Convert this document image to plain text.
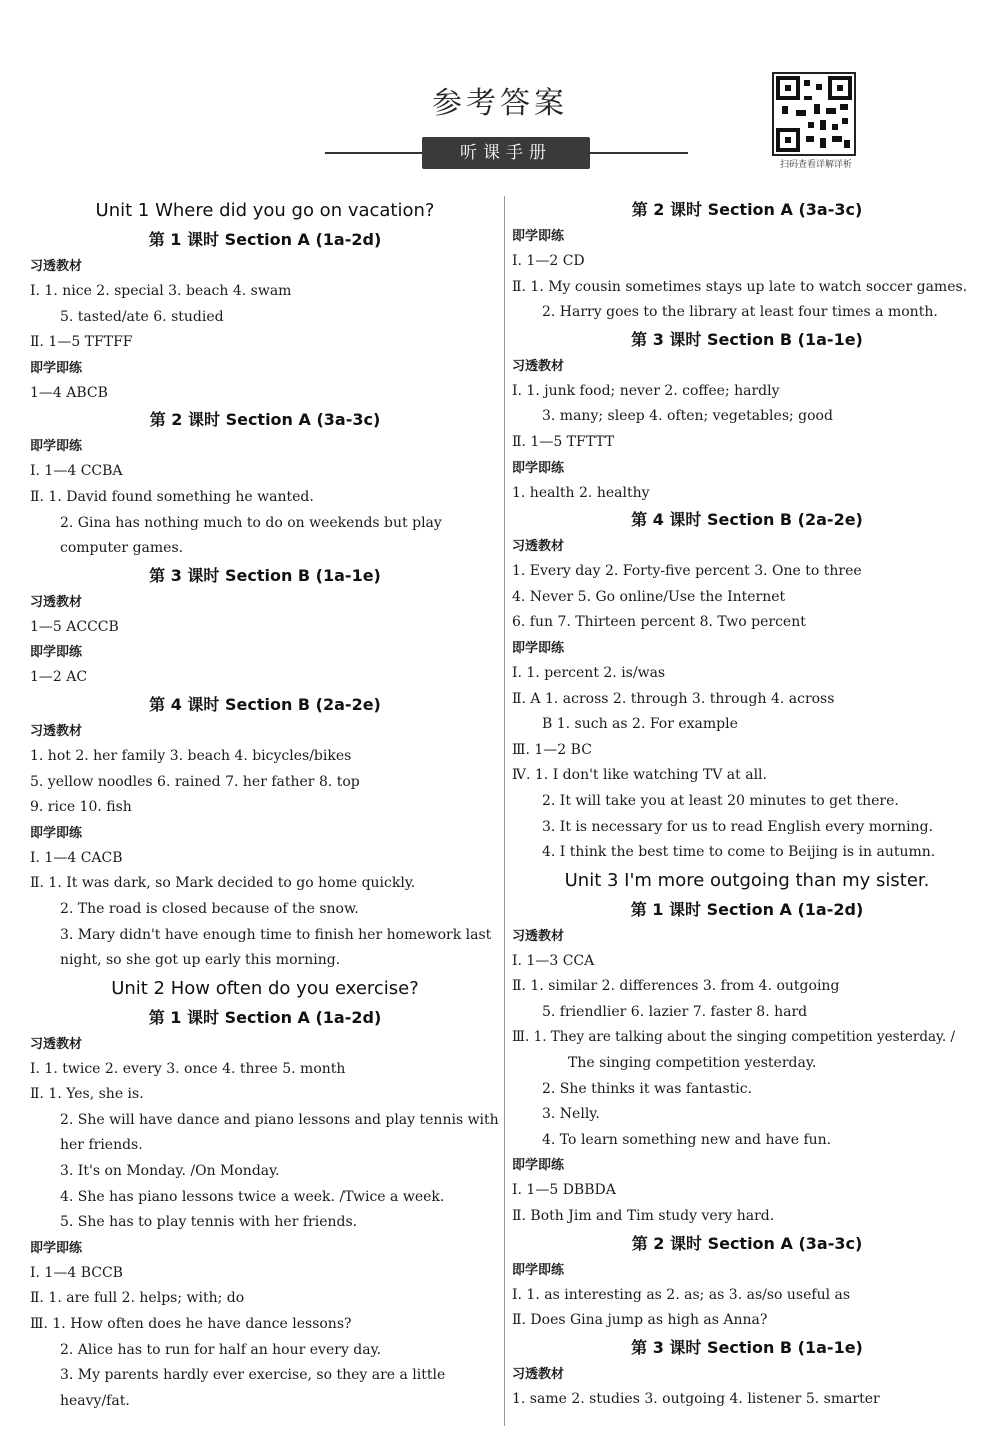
参考答案
扫码查看详解详析
听课手册
Unit 1 Where did you go on vacation?
第 1 课时 Section A (1a-2d)
习透教材
Ⅰ. 1. nice 2. special 3. beach 4. swam
5. tasted/ate 6. studied
Ⅱ. 1—5 TFTFF
即学即练
1—4 ABCB
第 2 课时 Section A (3a-3c)
即学即练
Ⅰ. 1—4 CCBA
Ⅱ. 1. David found something he wanted.
2. Gina has nothing much to do on weekends but play computer games.
第 3 课时 Section B (1a-1e)
习透教材
1—5 ACCCB
即学即练
1—2 AC
第 4 课时 Section B (2a-2e)
习透教材
1. hot 2. her family 3. beach 4. bicycles/bikes
5. yellow noodles 6. rained 7. her father 8. top
9. rice 10. fish
即学即练
Ⅰ. 1—4 CACB
Ⅱ. 1. It was dark, so Mark decided to go home quickly.
2. The road is closed because of the snow.
3. Mary didn't have enough time to finish her homework last night, so she got up early this morning.
Unit 2 How often do you exercise?
第 1 课时 Section A (1a-2d)
习透教材
Ⅰ. 1. twice 2. every 3. once 4. three 5. month
Ⅱ. 1. Yes, she is.
2. She will have dance and piano lessons and play tennis with her friends.
3. It's on Monday. /On Monday.
4. She has piano lessons twice a week. /Twice a week.
5. She has to play tennis with her friends.
即学即练
Ⅰ. 1—4 BCCB
Ⅱ. 1. are full 2. helps; with; do
Ⅲ. 1. How often does he have dance lessons?
2. Alice has to run for half an hour every day.
3. My parents hardly ever exercise, so they are a little heavy/fat.
第 2 课时 Section A (3a-3c)
即学即练
Ⅰ. 1—2 CD
Ⅱ. 1. My cousin sometimes stays up late to watch soccer games.
2. Harry goes to the library at least four times a month.
第 3 课时 Section B (1a-1e)
习透教材
Ⅰ. 1. junk food; never 2. coffee; hardly
3. many; sleep 4. often; vegetables; good
Ⅱ. 1—5 TFTTT
即学即练
1. health 2. healthy
第 4 课时 Section B (2a-2e)
习透教材
1. Every day 2. Forty-five percent 3. One to three
4. Never 5. Go online/Use the Internet
6. fun 7. Thirteen percent 8. Two percent
即学即练
Ⅰ. 1. percent 2. is/was
Ⅱ. A 1. across 2. through 3. through 4. across
B 1. such as 2. For example
Ⅲ. 1—2 BC
Ⅳ. 1. I don't like watching TV at all.
2. It will take you at least 20 minutes to get there.
3. It is necessary for us to read English every morning.
4. I think the best time to come to Beijing is in autumn.
Unit 3 I'm more outgoing than my sister.
第 1 课时 Section A (1a-2d)
习透教材
Ⅰ. 1—3 CCA
Ⅱ. 1. similar 2. differences 3. from 4. outgoing
5. friendlier 6. lazier 7. faster 8. hard
Ⅲ. 1. They are talking about the singing competition yesterday. /
The singing competition yesterday.
2. She thinks it was fantastic.
3. Nelly.
4. To learn something new and have fun.
即学即练
Ⅰ. 1—5 DBBDA
Ⅱ. Both Jim and Tim study very hard.
第 2 课时 Section A (3a-3c)
即学即练
Ⅰ. 1. as interesting as 2. as; as 3. as/so useful as
Ⅱ. Does Gina jump as high as Anna?
第 3 课时 Section B (1a-1e)
习透教材
1. same 2. studies 3. outgoing 4. listener 5. smarter
